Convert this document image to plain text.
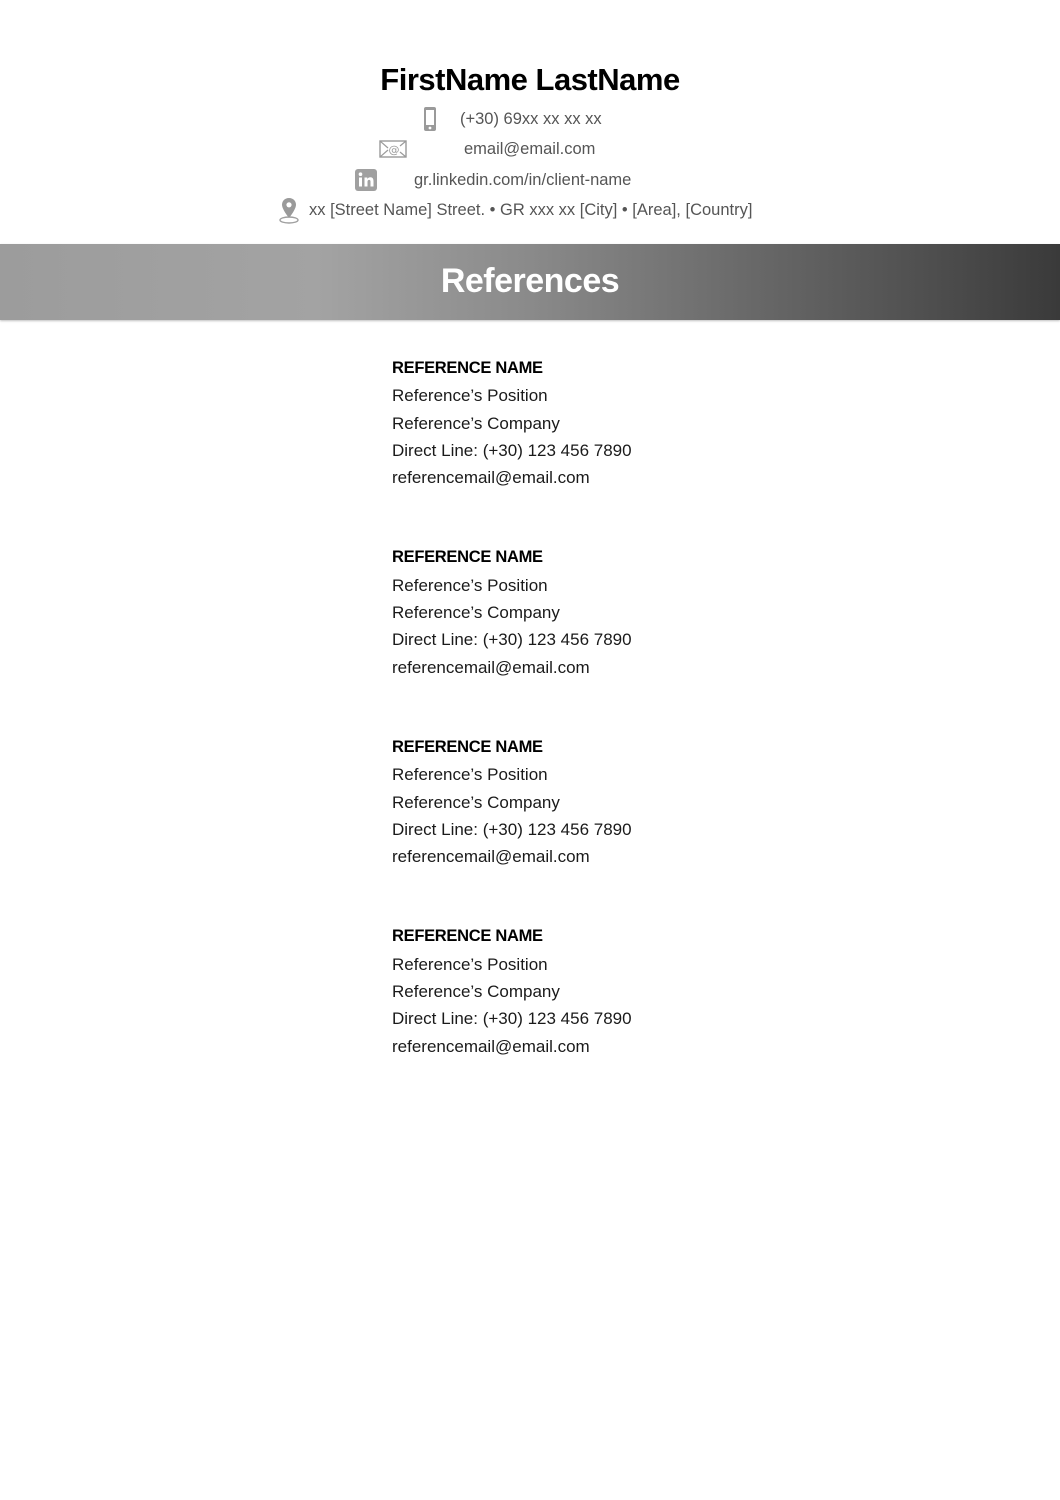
FirstName LastName
(+30) 69xx xx xx xx
@	email@email.com
gr.linkedin.com/in/client-name
xx [Street Name] Street. • GR xxx xx [City] • [Area], [Country]
References
REFERENCE NAME
Reference’s Position
Reference’s Company
Direct Line: (+30) 123 456 7890
referencemail@email.com
REFERENCE NAME
Reference’s Position
Reference’s Company
Direct Line: (+30) 123 456 7890
referencemail@email.com
REFERENCE NAME
Reference’s Position
Reference’s Company
Direct Line: (+30) 123 456 7890
referencemail@email.com
REFERENCE NAME
Reference’s Position
Reference’s Company
Direct Line: (+30) 123 456 7890
referencemail@email.com
